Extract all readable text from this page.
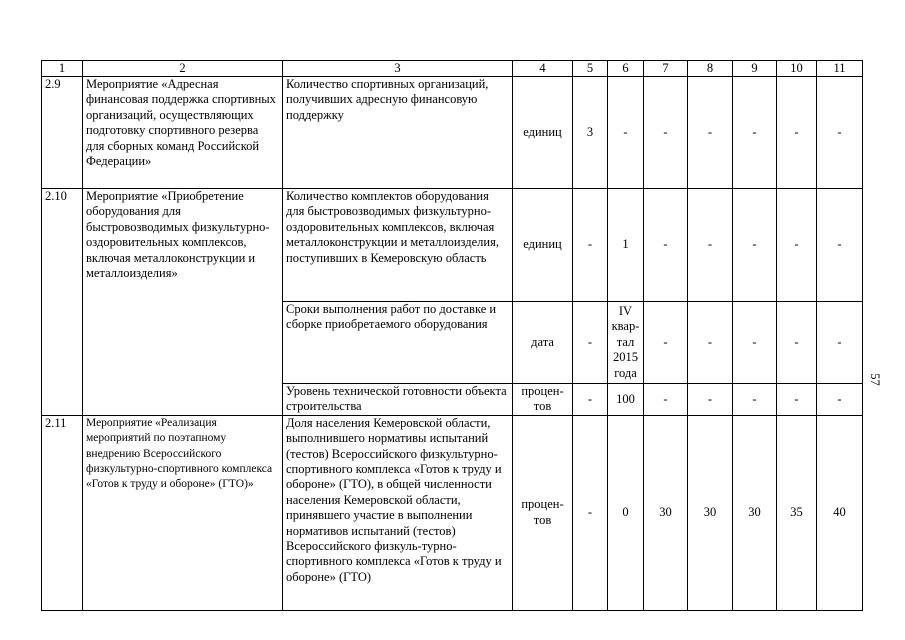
1	2	3	4	5	6	7	8	9	10	11
2.9	Мероприятие «Адресная финансовая поддержка спортивных организаций, осуществляющих подготовку спортивного резерва для сборных команд Российской Федерации»	Количество спортивных организаций, получивших адресную финансовую поддержку	единиц	3	-	-	-	-	-	-
2.10	Мероприятие «Приобретение оборудования для быстровозводимых физкультурно-оздоровительных комплексов, включая металлоконструкции и металлоизделия»	Количество комплектов оборудования для быстровозводимых физкультурно-оздоровительных комплексов, включая металлоконструкции и металлоизделия, поступивших в Кемеровскую область	единиц	-	1	-	-	-	-	-
		Сроки выполнения работ по доставке и сборке приобретаемого оборудования	дата	-	IV квар-тал 2015 года	-	-	-	-	-
		Уровень технической готовности объекта строительства	процен-тов	-	100	-	-	-	-	-
2.11	Мероприятие «Реализация мероприятий по поэтапному внедрению Всероссийского физкультурно-спортивного комплекса «Готов к труду и обороне» (ГТО)»	Доля населения Кемеровской области, выполнившего нормативы испытаний (тестов) Всероссийского физкультурно-спортивного комплекса «Готов к труду и обороне» (ГТО), в общей численности населения Кемеровской области, принявшего участие в выполнении нормативов испытаний (тестов) Всероссийского физкуль-турно-спортивного комплекса «Готов к труду и обороне» (ГТО)	процен-тов	-	0	30	30	30	35	40
57
